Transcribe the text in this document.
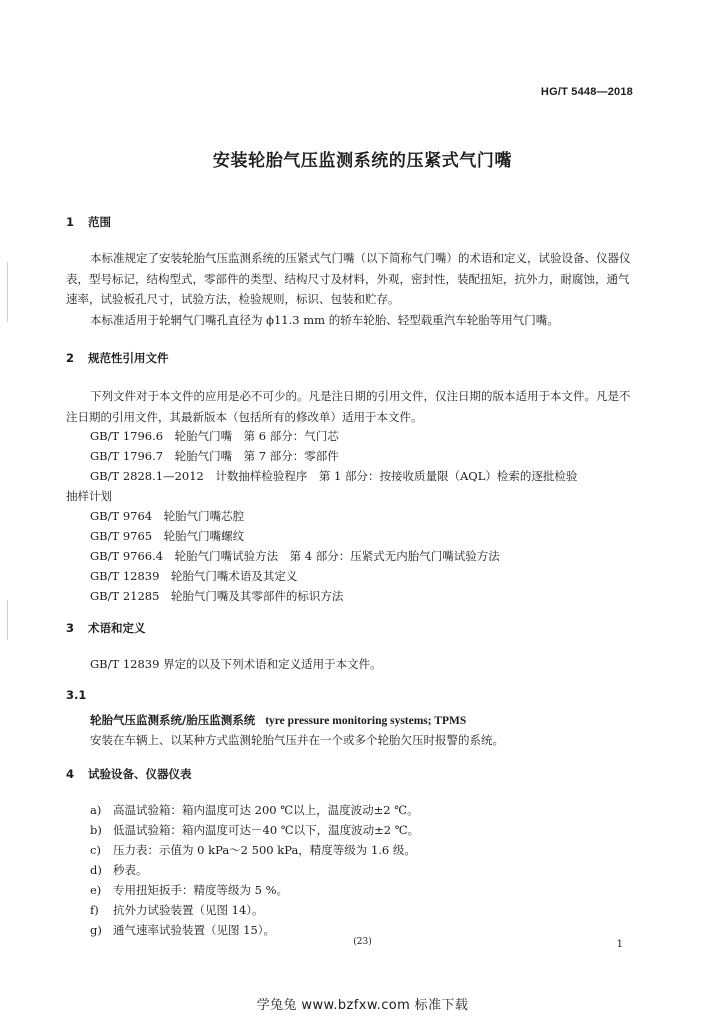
HG/T 5448—2018
安装轮胎气压监测系统的压紧式气门嘴
1 范围
本标准规定了安装轮胎气压监测系统的压紧式气门嘴（以下简称气门嘴）的术语和定义，试验设备、仪器仪表，型号标记，结构型式，零部件的类型、结构尺寸及材料，外观，密封性，装配扭矩，抗外力，耐腐蚀，通气速率，试验板孔尺寸，试验方法，检验规则，标识、包装和贮存。
本标准适用于轮辋气门嘴孔直径为 ϕ11.3 mm 的轿车轮胎、轻型载重汽车轮胎等用气门嘴。
2 规范性引用文件
下列文件对于本文件的应用是必不可少的。凡是注日期的引用文件，仅注日期的版本适用于本文件。凡是不注日期的引用文件，其最新版本（包括所有的修改单）适用于本文件。
GB/T 1796.6　轮胎气门嘴　第 6 部分：气门芯
GB/T 1796.7　轮胎气门嘴　第 7 部分：零部件
GB/T 2828.1—2012　计数抽样检验程序　第 1 部分：按接收质量限（AQL）检索的逐批检验
抽样计划
GB/T 9764　轮胎气门嘴芯腔
GB/T 9765　轮胎气门嘴螺纹
GB/T 9766.4　轮胎气门嘴试验方法　第 4 部分：压紧式无内胎气门嘴试验方法
GB/T 12839　轮胎气门嘴术语及其定义
GB/T 21285　轮胎气门嘴及其零部件的标识方法
3 术语和定义
GB/T 12839 界定的以及下列术语和定义适用于本文件。
3.1
轮胎气压监测系统/胎压监测系统 tyre pressure monitoring systems; TPMS
安装在车辆上、以某种方式监测轮胎气压并在一个或多个轮胎欠压时报警的系统。
4 试验设备、仪器仪表
a) 高温试验箱：箱内温度可达 200 ℃以上，温度波动±2 ℃。
b) 低温试验箱：箱内温度可达－40 ℃以下，温度波动±2 ℃。
c) 压力表：示值为 0 kPa～2 500 kPa，精度等级为 1.6 级。
d) 秒表。
e) 专用扭矩扳手：精度等级为 5 %。
f) 抗外力试验装置（见图 14）。
g) 通气速率试验装置（见图 15）。
(23)	1
学兔兔 www.bzfxw.com 标准下载
